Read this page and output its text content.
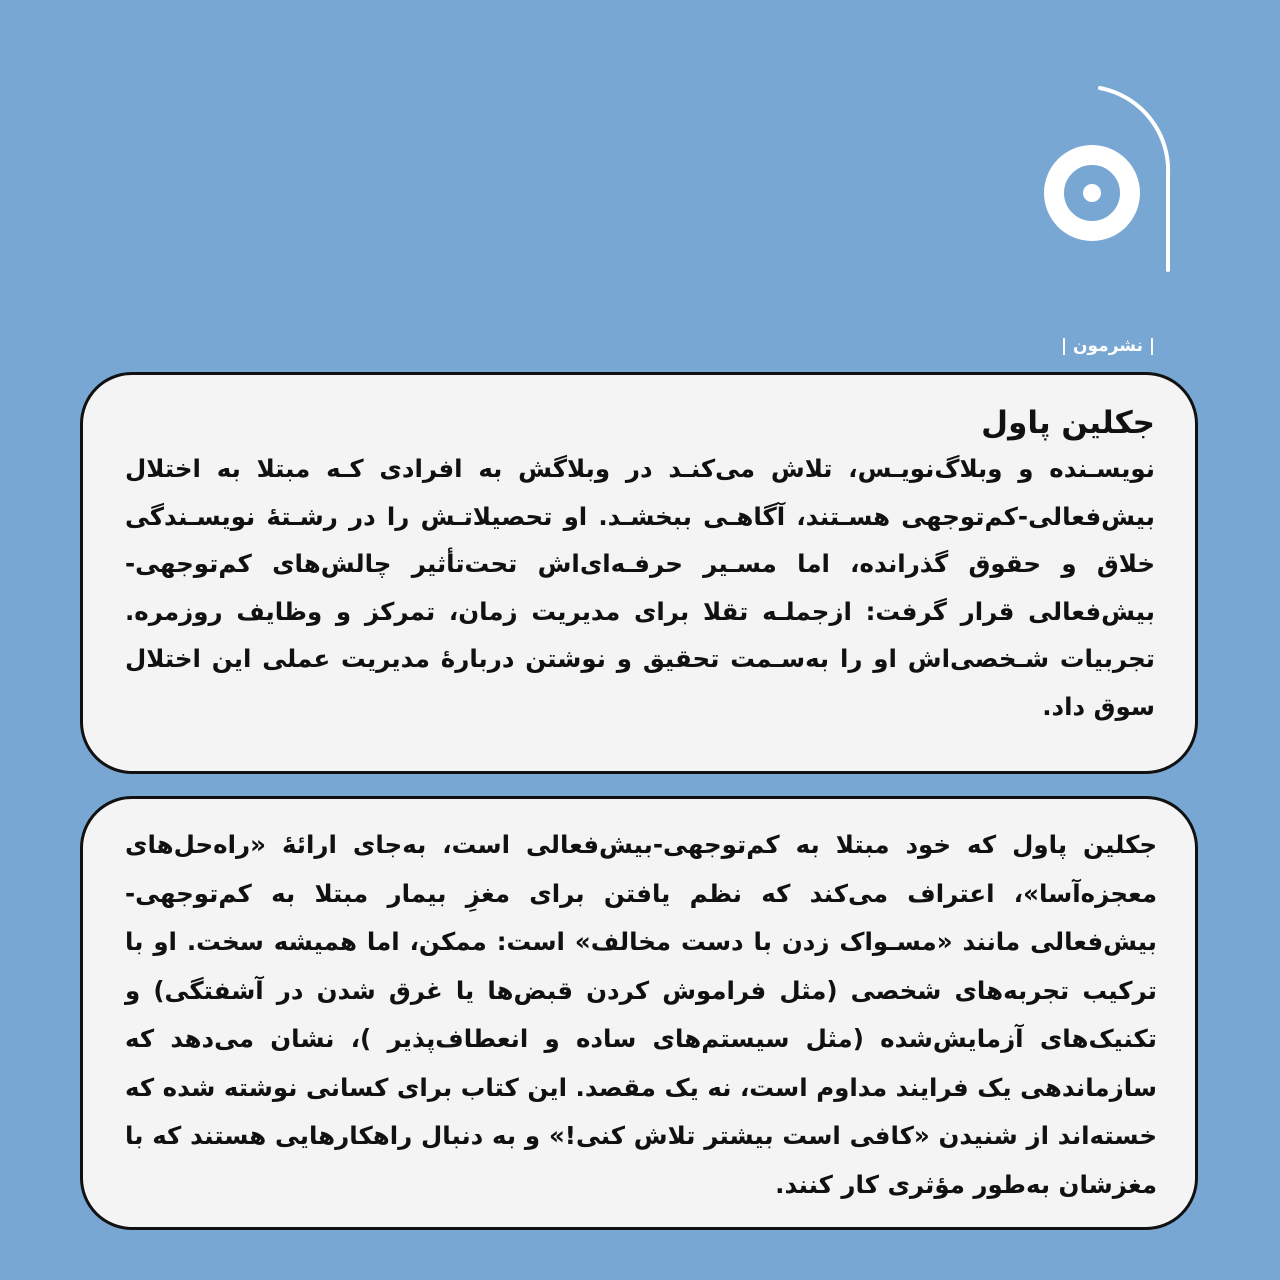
| نشرمون |
جکلین پاول

نویسـنده و وبلاگ‌نویـس، تلاش می‌کنـد در وبلاگش به افرادی کـه مبتلا به اختلال بیش‌فعالی-کم‌توجهی هسـتند، آگاهـی ببخشـد. او تحصیلاتـش را در رشـتهٔ نویسـندگی خلاق و حقوق گذرانده، اما مسـیر حرفـه‌ای‌اش تحت‌تأثیر چالش‌های کم‌توجهی-بیش‌فعالی قرار گرفت: ازجملـه تقلا برای مدیریت زمان، تمرکز و وظایف روزمره. تجربیات شـخصی‌اش او را به‌سـمت تحقیق و نوشتن دربارهٔ مدیریت عملی این اختلال سوق داد.

جکلین پاول که خود مبتلا به کم‌توجهی-بیش‌فعالی است، به‌جای ارائهٔ «راه‌حل‌های معجزه‌آسا»، اعتراف می‌کند که نظم یافتن برای مغزِ بیمار مبتلا به کم‌توجهی-بیش‌فعالی مانند «مسـواک زدن با دست مخالف» است: ممکن، اما همیشه سخت. او با ترکیب تجربه‌های شخصی (مثل فراموش کردن قبض‌ها یا غرق شدن در آشفتگی) و تکنیک‌های آزمایش‌شده (مثل سیستم‌های ساده و انعطاف‌پذیر )، نشان می‌دهد که سازماندهی یک فرایند مداوم است، نه یک مقصد. این کتاب برای کسانی نوشته شده که خسته‌اند از شنیدن «کافی است بیشتر تلاش کنی!» و به دنبال راهکارهایی هستند که با مغزشان به‌طور مؤثری کار کنند.
